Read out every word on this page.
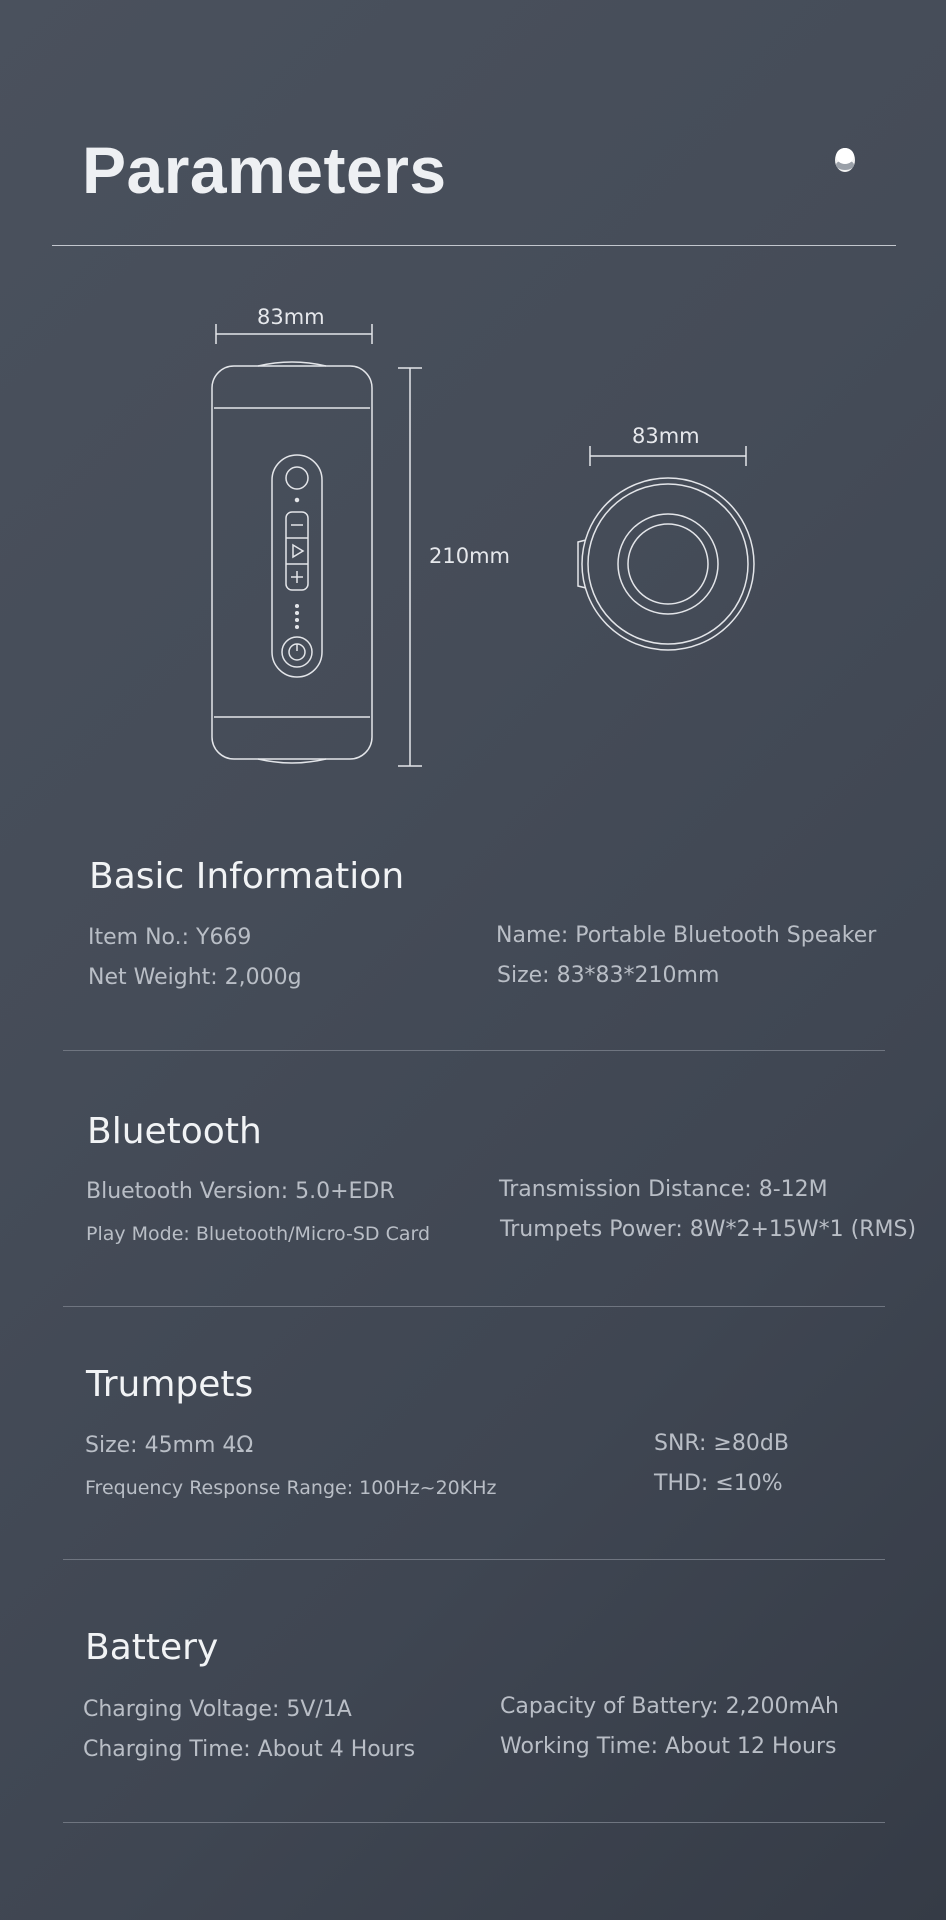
Parameters
83mm
210mm
83mm
Basic Information

Item No.: Y669

Net Weight: 2,000g

Name: Portable Bluetooth Speaker

Size: 83*83*210mm

Bluetooth

Bluetooth Version: 5.0+EDR

Play Mode: Bluetooth/Micro-SD Card

Transmission Distance: 8-12M

Trumpets Power: 8W*2+15W*1 (RMS)

Trumpets

Size: 45mm 4Ω

Frequency Response Range: 100Hz~20KHz

SNR: ≥80dB

THD: ≤10%

Battery

Charging Voltage: 5V/1A

Charging Time: About 4 Hours

Capacity of Battery: 2,200mAh

Working Time: About 12 Hours
